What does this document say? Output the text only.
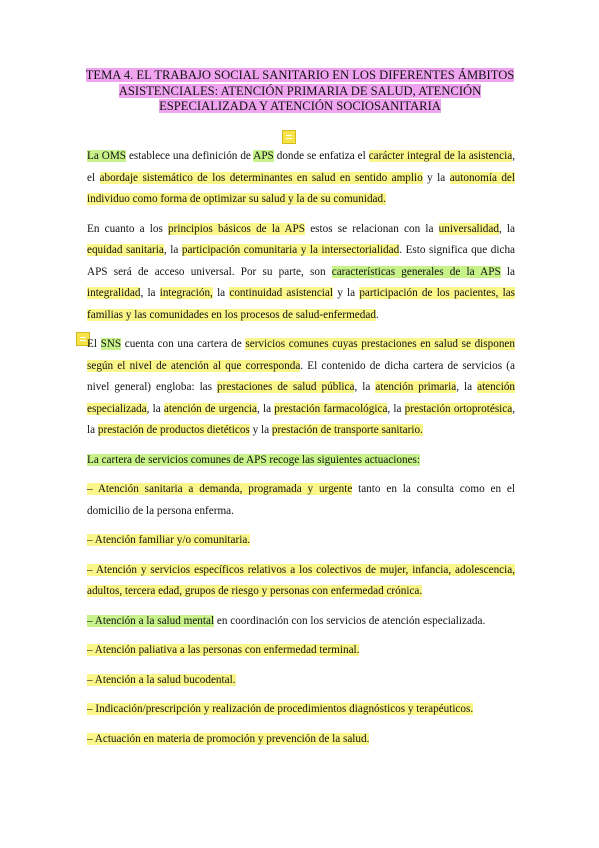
TEMA 4. EL TRABAJO SOCIAL SANITARIO EN LOS DIFERENTES ÁMBITOS
ASISTENCIALES: ATENCIÓN PRIMARIA DE SALUD, ATENCIÓN
ESPECIALIZADA Y ATENCIÓN SOCIOSANITARIA

La OMS establece una definición de APS donde se enfatiza el carácter integral de la asistencia, el abordaje sistemático de los determinantes en salud en sentido amplio y la autonomía del individuo como forma de optimizar su salud y la de su comunidad.

En cuanto a los principios básicos de la APS estos se relacionan con la universalidad, la equidad sanitaria, la participación comunitaria y la intersectorialidad. Esto significa que dicha APS será de acceso universal. Por su parte, son características generales de la APS la integralidad, la integración, la continuidad asistencial y la participación de los pacientes, las familias y las comunidades en los procesos de salud-enfermedad.

El SNS cuenta con una cartera de servicios comunes cuyas prestaciones en salud se disponen según el nivel de atención al que corresponda. El contenido de dicha cartera de servicios (a nivel general) engloba: las prestaciones de salud pública, la atención primaria, la atención especializada, la atención de urgencia, la prestación farmacológica, la prestación ortoprotésica, la prestación de productos dietéticos y la prestación de transporte sanitario.

La cartera de servicios comunes de APS recoge las siguientes actuaciones:

– Atención sanitaria a demanda, programada y urgente tanto en la consulta como en el domicilio de la persona enferma.

– Atención familiar y/o comunitaria.

– Atención y servicios específicos relativos a los colectivos de mujer, infancia, adolescencia, adultos, tercera edad, grupos de riesgo y personas con enfermedad crónica.

– Atención a la salud mental en coordinación con los servicios de atención especializada.

– Atención paliativa a las personas con enfermedad terminal.

– Atención a la salud bucodental.

– Indicación/prescripción y realización de procedimientos diagnósticos y terapéuticos.

– Actuación en materia de promoción y prevención de la salud.
